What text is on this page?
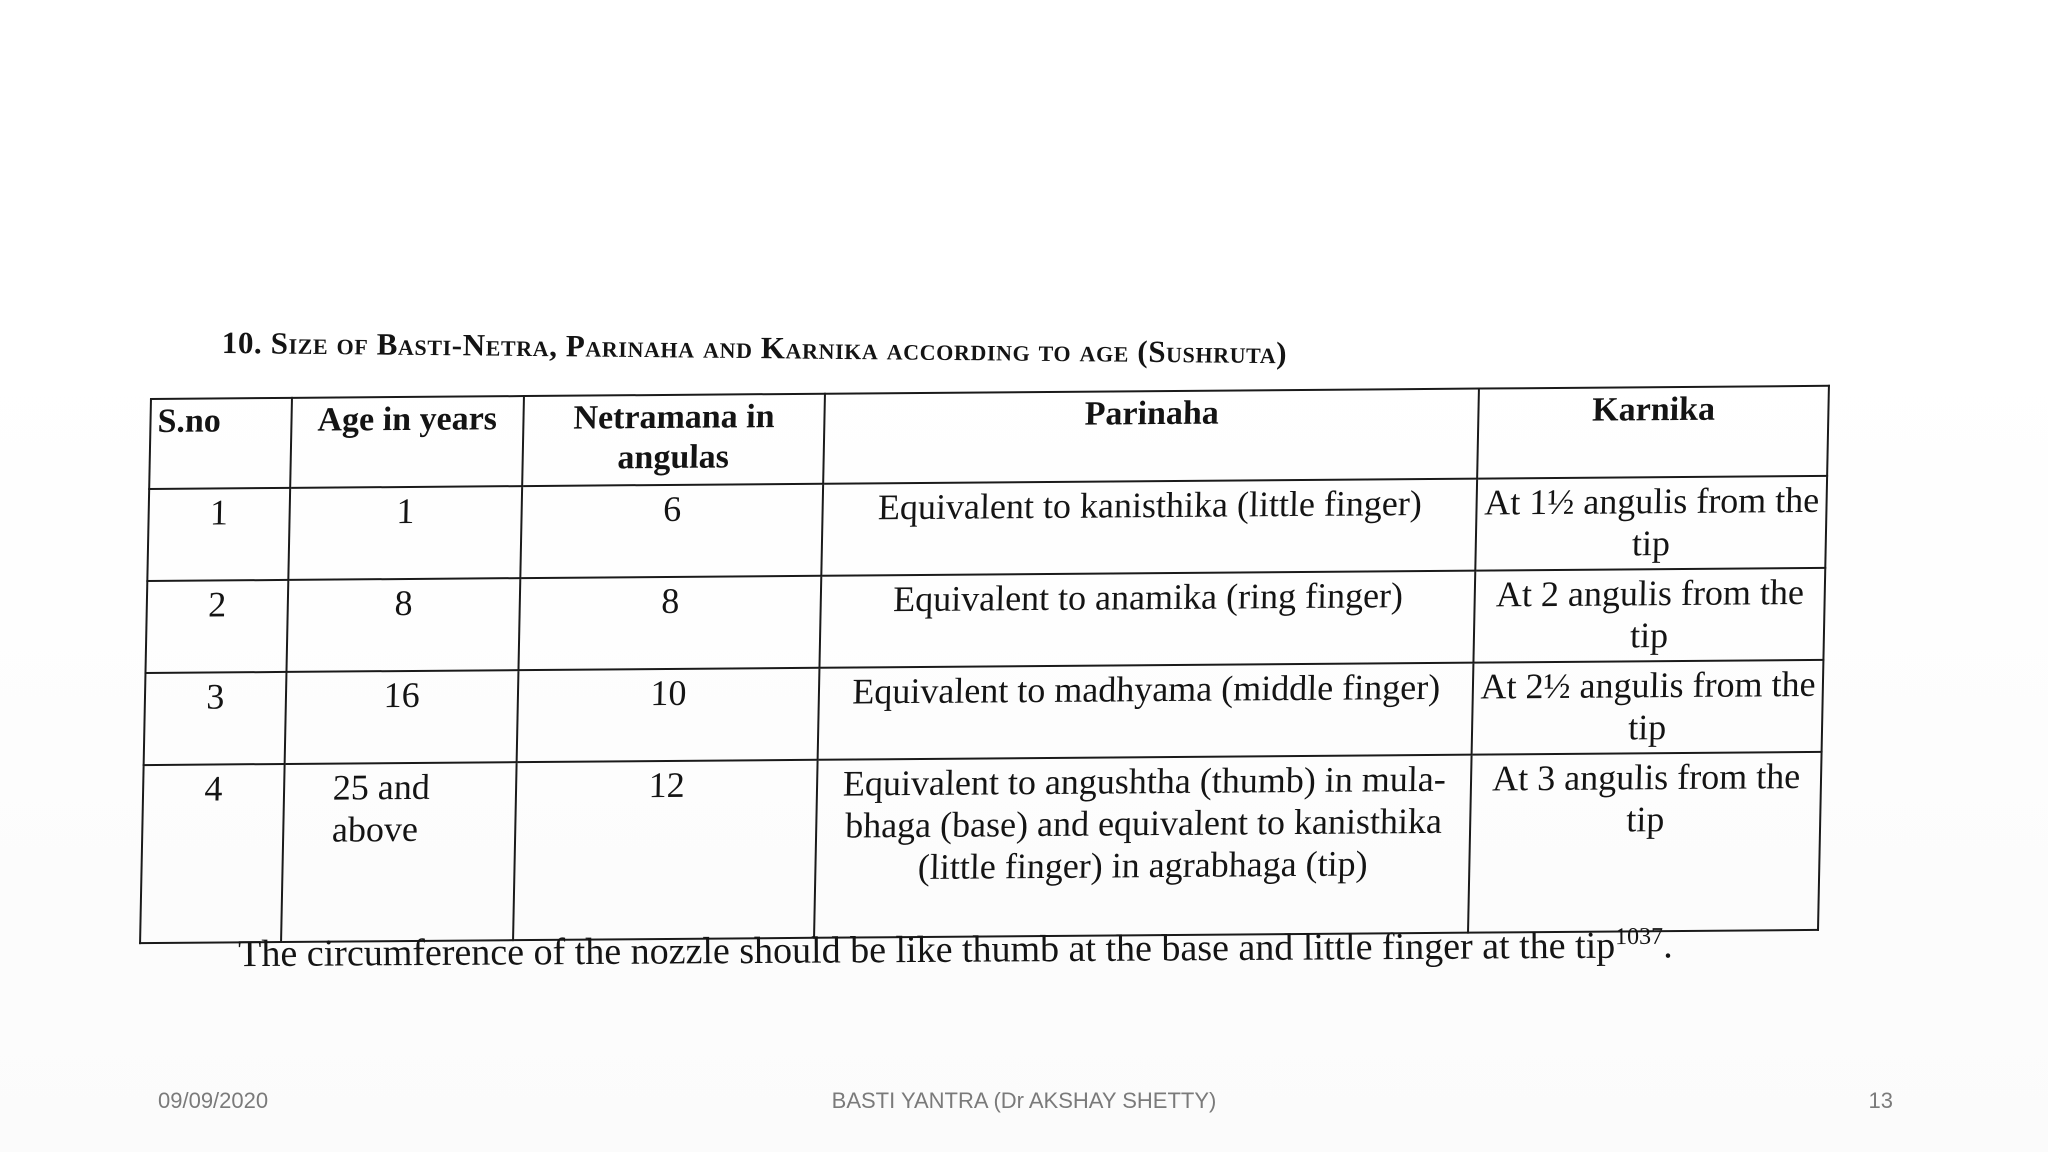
10. Size of Basti-Netra, Parinaha and Karnika according to age (Sushruta)
S.no	Age in years	Netramana in angulas	Parinaha	Karnika
1	1	6	Equivalent to kanisthika (little finger)	At 1½ angulis from the tip
2	8	8	Equivalent to anamika (ring finger)	At 2 angulis from the tip
3	16	10	Equivalent to madhyama (middle finger)	At 2½ angulis from the tip
4	25 and above	12	Equivalent to angushtha (thumb) in mula-bhaga (base) and equivalent to kanisthika (little finger) in agrabhaga (tip)	At 3 angulis from the tip
The circumference of the nozzle should be like thumb at the base and little finger at the tip$^{1037}$.
09/09/2020	BASTI YANTRA (Dr AKSHAY SHETTY)	13
